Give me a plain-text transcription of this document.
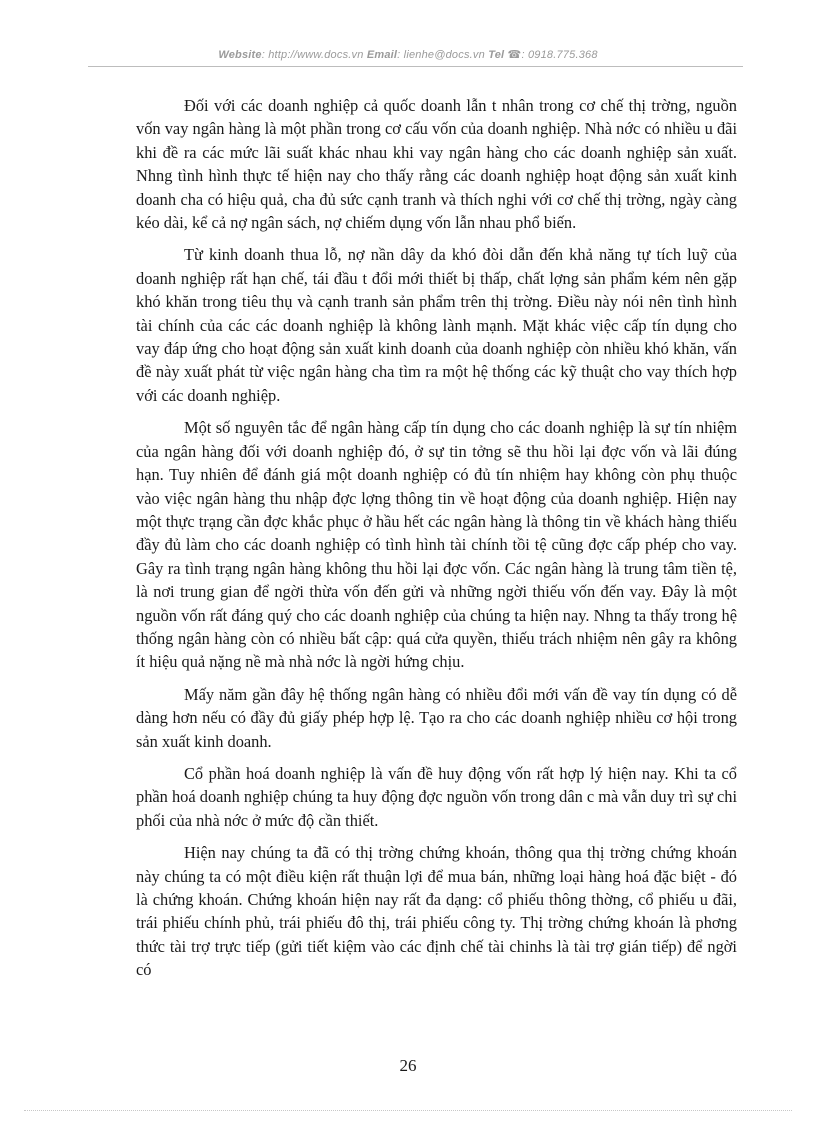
Website: http://www.docs.vn Email: lienhe@docs.vn Tel ☎: 0918.775.368

Đối với các doanh nghiệp cả quốc doanh lẫn t nhân trong cơ chế thị trờng, nguồn vốn vay ngân hàng là một phần trong cơ cấu vốn của doanh nghiệp. Nhà nớc có nhiều u đãi khi đề ra các mức lãi suất khác nhau khi vay ngân hàng cho các doanh nghiệp sản xuất. Nhng tình hình thực tế hiện nay cho thấy rằng các doanh nghiệp hoạt động sản xuất kinh doanh cha có hiệu quả, cha đủ sức cạnh tranh và thích nghi với cơ chế thị trờng, ngày càng kéo dài, kể cả nợ ngân sách, nợ chiếm dụng vốn lẫn nhau phổ biến.

Từ kinh doanh thua lỗ, nợ nần dây da khó đòi dẫn đến khả năng tự tích luỹ của doanh nghiệp rất hạn chế, tái đầu t đổi mới thiết bị thấp, chất lợng sản phẩm kém nên gặp khó khăn trong tiêu thụ và cạnh tranh sản phẩm trên thị trờng. Điều này nói nên tình hình tài chính của các các doanh nghiệp là không lành mạnh. Mặt khác việc cấp tín dụng cho vay đáp ứng cho hoạt động sản xuất kinh doanh của doanh nghiệp còn nhiều khó khăn, vấn đề này xuất phát từ việc ngân hàng cha tìm ra một hệ thống các kỹ thuật cho vay thích hợp với các doanh nghiệp.

Một số nguyên tắc để ngân hàng cấp tín dụng cho các doanh nghiệp là sự tín nhiệm của ngân hàng đối với doanh nghiệp đó, ở sự tin tởng sẽ thu hồi lại đợc vốn và lãi đúng hạn. Tuy nhiên để đánh giá một doanh nghiệp có đủ tín nhiệm hay không còn phụ thuộc vào việc ngân hàng thu nhập đợc lợng thông tin về hoạt động của doanh nghiệp. Hiện nay một thực trạng cần đợc khắc phục ở hầu hết các ngân hàng là thông tin về khách hàng thiếu đầy đủ làm cho các doanh nghiệp có tình hình tài chính tồi tệ cũng đợc cấp phép cho vay. Gây ra tình trạng ngân hàng không thu hồi lại đợc vốn. Các ngân hàng là trung tâm tiền tệ, là nơi trung gian để ngời thừa vốn đến gửi và những ngời thiếu vốn đến vay. Đây là một nguồn vốn rất đáng quý cho các doanh nghiệp của chúng ta hiện nay. Nhng ta thấy trong hệ thống ngân hàng còn có nhiều bất cập: quá cửa quyền, thiếu trách nhiệm nên gây ra không ít hiệu quả nặng nề mà nhà nớc là ngời hứng chịu.

Mấy năm gần đây hệ thống ngân hàng có nhiều đổi mới vấn đề vay tín dụng có dễ dàng hơn nếu có đầy đủ giấy phép hợp lệ. Tạo ra cho các doanh nghiệp nhiều cơ hội trong sản xuất kinh doanh.

Cổ phần hoá doanh nghiệp là vấn đề huy động vốn rất hợp lý hiện nay. Khi ta cổ phần hoá doanh nghiệp chúng ta huy động đợc nguồn vốn trong dân c mà vẫn duy trì sự chi phối của nhà nớc ở mức độ cần thiết.

Hiện nay chúng ta đã có thị trờng chứng khoán, thông qua thị trờng chứng khoán này chúng ta có một điều kiện rất thuận lợi để mua bán, những loại hàng hoá đặc biệt - đó là chứng khoán. Chứng khoán hiện nay rất đa dạng: cổ phiếu thông thờng, cổ phiếu u đãi, trái phiếu chính phủ, trái phiếu đô thị, trái phiếu công ty. Thị trờng chứng khoán là phơng thức tài trợ trực tiếp (gửi tiết kiệm vào các định chế tài chinhs là tài trợ gián tiếp) để ngời có

26
